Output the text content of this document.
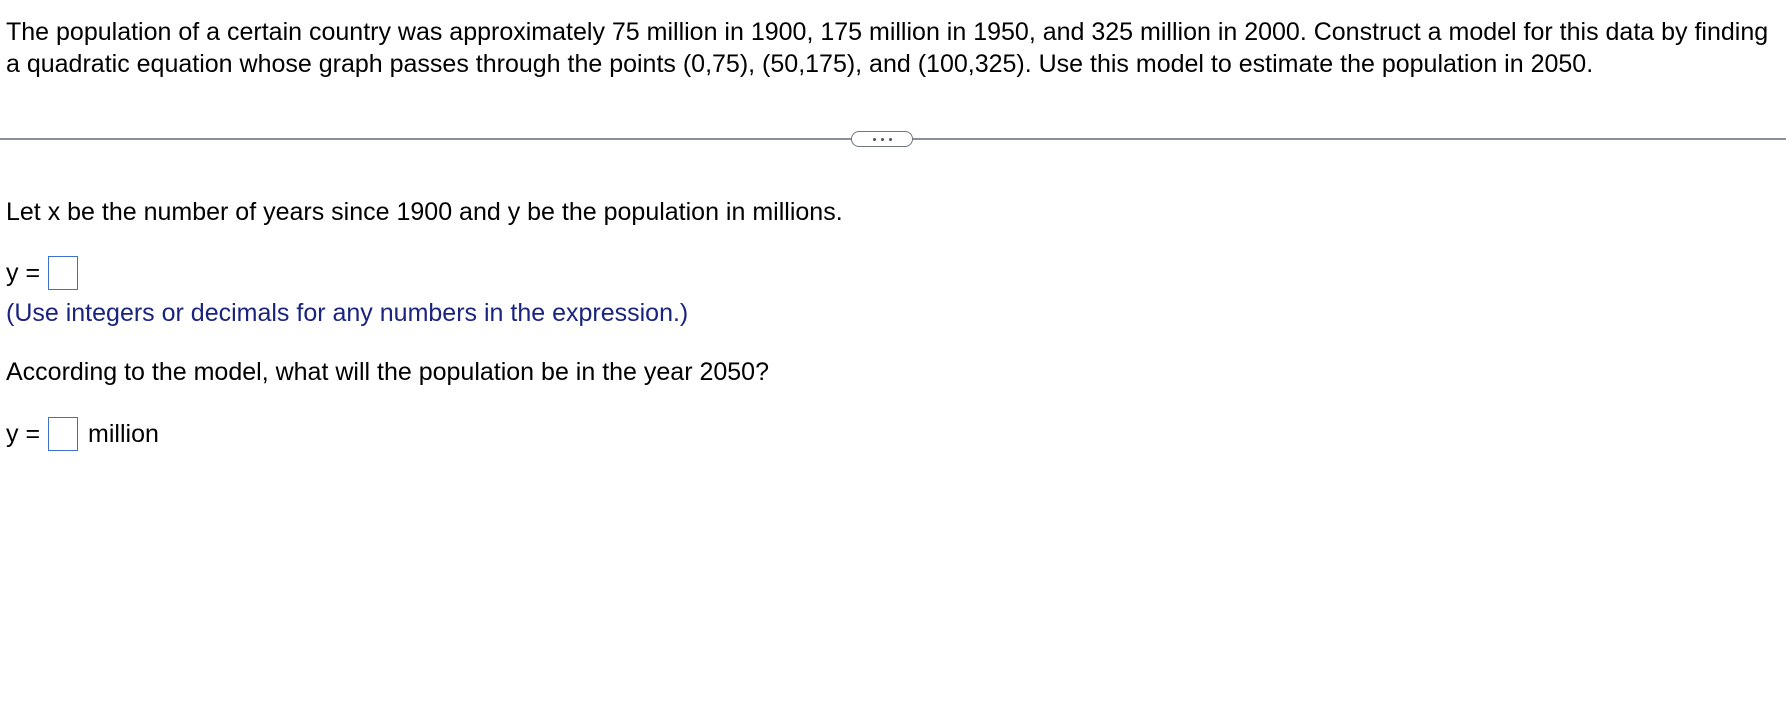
The population of a certain country was approximately 75 million in 1900, 175 million in 1950, and 325 million in 2000. Construct a model for this data by finding a quadratic equation whose graph passes through the points (0,75), (50,175), and (100,325). Use this model to estimate the population in 2050.

Let x be the number of years since 1900 and y be the population in millions.

y =

(Use integers or decimals for any numbers in the expression.)

According to the model, what will the population be in the year 2050?

y = million
